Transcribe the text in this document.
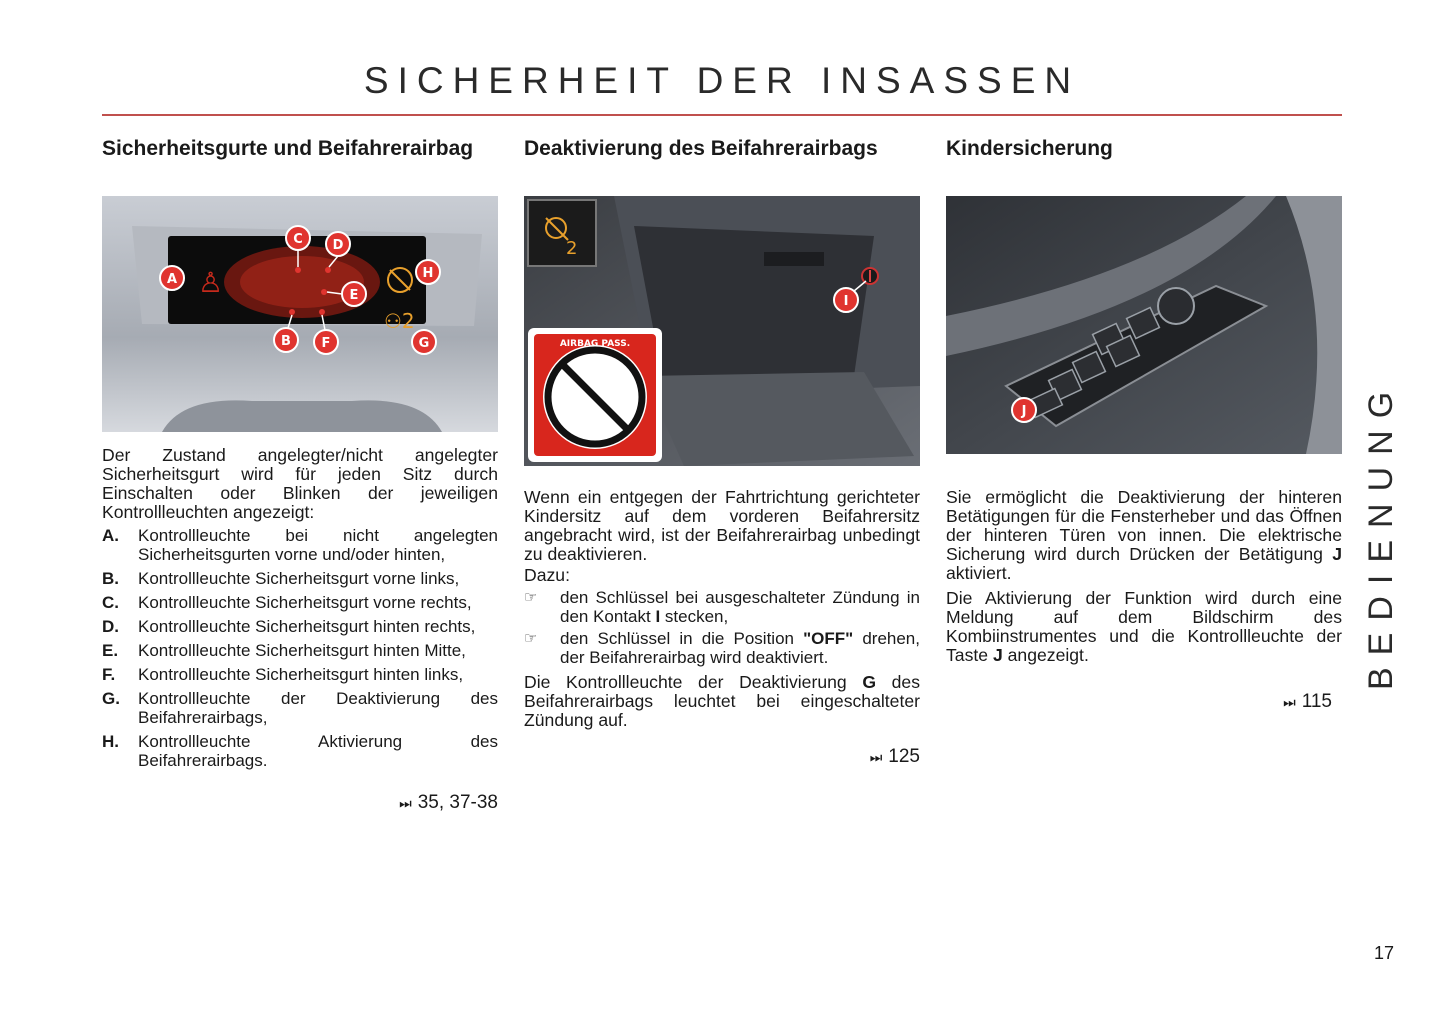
SICHERHEIT DER INSASSEN
Sicherheitsgurte und Beifahrerairbag
♙
⚇2
A
B
C D
E
F	G
H

Der Zustand angelegter/nicht angelegter Sicherheitsgurt wird für jeden Sitz durch Einschalten oder Blinken der jeweiligen Kontrollleuchten angezeigt:

A.	Kontrollleuchte bei nicht angelegten Sicherheitsgurten vorne und/oder hinten,
B.	Kontrollleuchte Sicherheitsgurt vorne links,
C.	Kontrollleuchte Sicherheitsgurt vorne rechts,
D.	Kontrollleuchte Sicherheitsgurt hinten rechts,
E.	Kontrollleuchte Sicherheitsgurt hinten Mitte,
F.	Kontrollleuchte Sicherheitsgurt hinten links,
G.	Kontrollleuchte der Deaktivierung des Beifahrerairbags,
H.	Kontrollleuchte Aktivierung des Beifahrerairbags.
⏭ 35, 37-38
Deaktivierung des Beifahrerairbags
I
2
AIRBAG PASS.

Wenn ein entgegen der Fahrtrichtung gerichteter Kindersitz auf dem vorderen Beifahrersitz angebracht wird, ist der Beifahrerairbag unbedingt zu deaktivieren.

Dazu:

☞	den Schlüssel bei ausgeschalteter Zündung in den Kontakt I stecken,
☞	den Schlüssel in die Position "OFF" drehen, der Beifahrerairbag wird deaktiviert.

Die Kontrollleuchte der Deaktivierung G des Beifahrerairbags leuchtet bei eingeschalteter Zündung auf.

⏭ 125
Kindersicherung
J

Sie ermöglicht die Deaktivierung der hinteren Betätigungen für die Fensterheber und das Öffnen der hinteren Türen von innen. Die elektrische Sicherung wird durch Drücken der Betätigung J aktiviert.

Die Aktivierung der Funktion wird durch eine Meldung auf dem Bildschirm des Kombiinstrumentes und die Kontrollleuchte der Taste J angezeigt.

⏭ 115
BEDIENUNG
17
